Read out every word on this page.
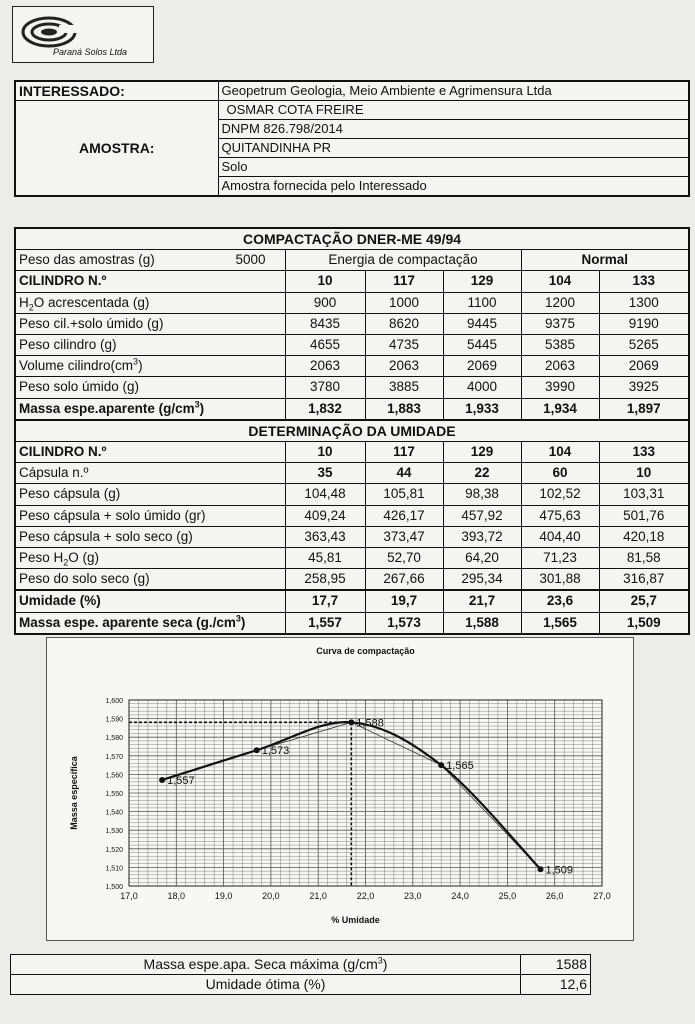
Paraná Solos Ltda
INTERESSADO:	Geopetrum Geologia, Meio Ambiente e Agrimensura Ltda
AMOSTRA:	OSMAR COTA FREIRE
	DNPM 826.798/2014
	QUITANDINHA PR
	Solo
	Amostra fornecida pelo Interessado
COMPACTAÇÃO DNER-ME 49/94					
Peso das amostras (g) 5000	Energia de compactação			Normal	
CILINDRO N.º	10	117	129	104	133
$H_2O$ acrescentada (g)	900	1000	1100	1200	1300
Peso cil.+solo úmido (g)	8435	8620	9445	9375	9190
Peso cilindro (g)	4655	4735	5445	5385	5265
Volume $cilindro(cm^3)$	2063	2063	2069	2063	2069
Peso solo úmido (g)	3780	3885	4000	3990	3925
Massa espe.aparente $(g/cm^3)$	1,832	1,883	1,933	1,934	1,897
DETERMINAÇÃO DA UMIDADE					
CILINDRO N.º	10	117	129	104	133
Cápsula n.º	35	44	22	60	10
Peso cápsula (g)	104,48	105,81	98,38	102,52	103,31
Peso cápsula + solo úmido (gr)	409,24	426,17	457,92	475,63	501,76
Peso cápsula + solo seco (g)	363,43	373,47	393,72	404,40	420,18
Peso $H_2O$ (g)	45,81	52,70	64,20	71,23	81,58
Peso do solo seco (g)	258,95	267,66	295,34	301,88	316,87
Umidade (%)	17,7	19,7	21,7	23,6	25,7
Massa espe. aparente seca $(g./cm^3)$	1,557	1,573	1,588	1,565	1,509
17,0	18,0	19,0	20,0	21,0	22,0	23,0	24,0	25,0	26,0	27,0
1,500
1,510
1,520
1,530
1,540
1,550
1,560
1,570
1,580
1,590
1,600
Curva de compactação
% Umidade
Massa específica	1,557
1,573
1,588
1,565
1,509
Massa espe.apa. Seca máxima $(g/cm^3)$	1588
Umidade ótima (%)	12,6
